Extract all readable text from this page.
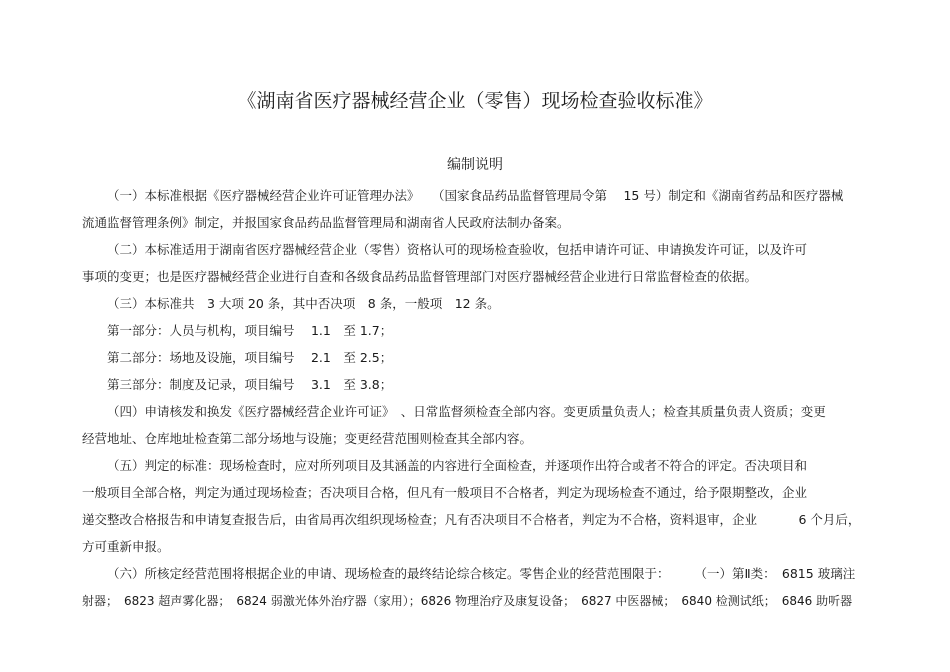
《湖南省医疗器械经营企业（零售）现场检查验收标准》
编制说明
（一）本标准根据《医疗器械经营企业许可证管理办法》　　（国家食品药品监督管理局令第　 15 号）制定和《湖南省药品和医疗器械
流通监督管理条例》制定，并报国家食品药品监督管理局和湖南省人民政府法制办备案。
（二）本标准适用于湖南省医疗器械经营企业（零售）资格认可的现场检查验收，包括申请许可证、申请换发许可证，以及许可
事项的变更；也是医疗器械经营企业进行自查和各级食品药品监督管理部门对医疗器械经营企业进行日常监督检查的依据。
（三）本标准共　3 大项 20 条，其中否决项　8 条，一般项　12 条。
第一部分：人员与机构，项目编号　 1.1　至 1.7；
第二部分：场地及设施，项目编号　 2.1　至 2.5；
第三部分：制度及记录，项目编号　 3.1　至 3.8；
（四）申请核发和换发《医疗器械经营企业许可证》　、日常监督须检查全部内容。变更质量负责人；检查其质量负责人资质；变更
经营地址、仓库地址检查第二部分场地与设施；变更经营范围则检查其全部内容。
（五）判定的标准：现场检查时，应对所列项目及其涵盖的内容进行全面检查，并逐项作出符合或者不符合的评定。否决项目和
一般项目全部合格，判定为通过现场检查；否决项目合格，但凡有一般项目不合格者，判定为现场检查不通过，给予限期整改，企业
递交整改合格报告和申请复查报告后，由省局再次组织现场检查；凡有否决项目不合格者，判定为不合格，资料退审，企业　　　 6 个月后，
方可重新申报。
（六）所核定经营范围将根据企业的申请、现场检查的最终结论综合核定。零售企业的经营范围限于：　　　（一）第Ⅱ类：　6815 玻璃注
射器；　6823 超声雾化器；　6824 弱激光体外治疗器（家用）；6826 物理治疗及康复设备；　6827 中医器械；　6840 检测试纸；　6846 助听器
